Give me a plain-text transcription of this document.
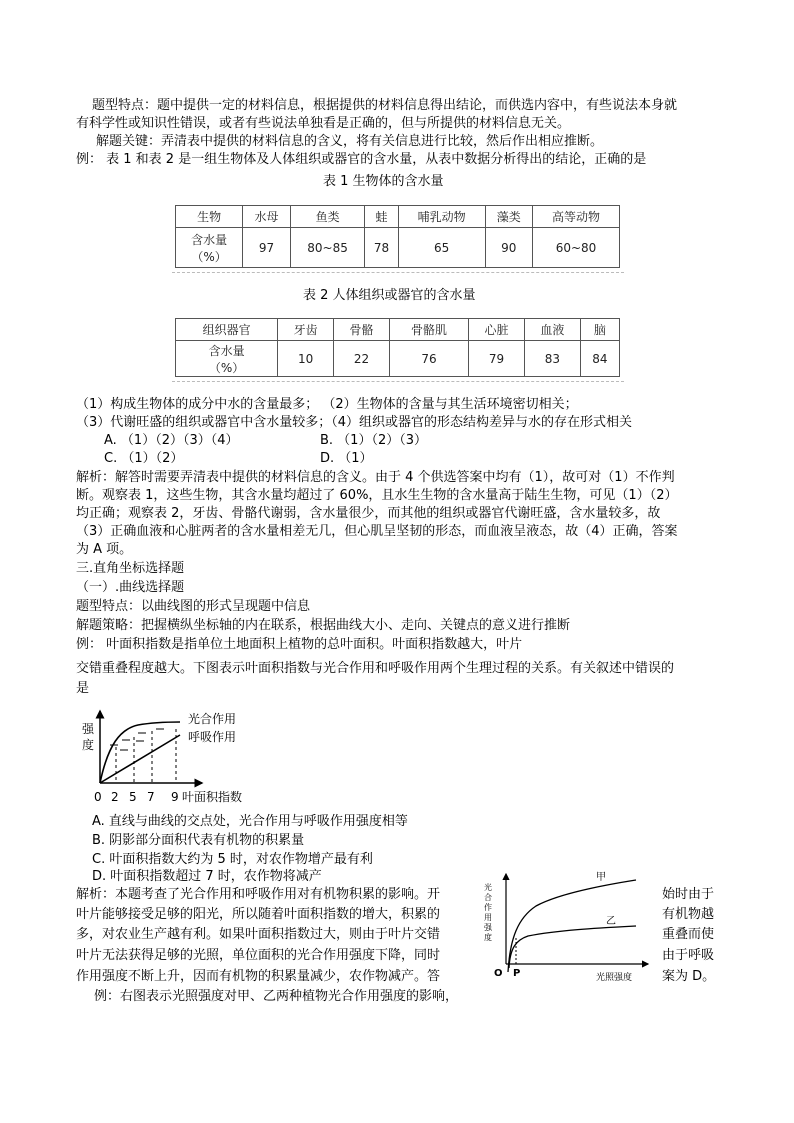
题型特点：题中提供一定的材料信息，根据提供的材料信息得出结论，而供选内容中，有些说法本身就
有科学性或知识性错误，或者有些说法单独看是正确的，但与所提供的材料信息无关。
解题关键：弄清表中提供的材料信息的含义，将有关信息进行比较，然后作出相应推断。
例： 表 1 和表 2 是一组生物体及人体组织或器官的含水量，从表中数据分析得出的结论，正确的是
表 1 生物体的含水量
生物	水母	鱼类	蛙	哺乳动物	藻类	高等动物
含水量
（%）	97	80~85	78	65	90	60~80
表 2 人体组织或器官的含水量
组织器官	牙齿	骨骼	骨骼肌	心脏	血液	脑
含水量
（%）	10	22	76	79	83	84
（1）构成生物体的成分中水的含量最多； （2）生物体的含量与其生活环境密切相关；
（3）代谢旺盛的组织或器官中含水量较多；（4）组织或器官的形态结构差异与水的存在形式相关
A. （1）（2）（3）（4）	B. （1）（2）（3）
C. （1）（2）	D. （1）
解析：解答时需要弄清表中提供的材料信息的含义。由于 4 个供选答案中均有（1），故可对（1）不作判
断。观察表 1，这些生物，其含水量均超过了 60%，且水生生物的含水量高于陆生生物，可见（1）（2）
均正确；观察表 2，牙齿、骨骼代谢弱，含水量很少，而其他的组织或器官代谢旺盛，含水量较多，故
（3）正确血液和心脏两者的含水量相差无几，但心肌呈坚韧的形态，而血液呈液态，故（4）正确，答案
为 A 项。
三.直角坐标选择题
（一）.曲线选择题
题型特点：以曲线图的形式呈现题中信息
解题策略：把握横纵坐标轴的内在联系，根据曲线大小、走向、关键点的意义进行推断
例： 叶面积指数是指单位土地面积上植物的总叶面积。叶面积指数越大，叶片
交错重叠程度越大。下图表示叶面积指数与光合作用和呼吸作用两个生理过程的关系。有关叙述中错误的
是
强
度
光合作用
呼吸作用
0 2 5 7 9 叶面积指数
A. 直线与曲线的交点处，光合作用与呼吸作用强度相等
B. 阴影部分面积代表有机物的积累量
C. 叶面积指数大约为 5 时，对农作物增产最有利
D. 叶面积指数超过 7 时，农作物将减产
解析：本题考查了光合作用和呼吸作用对有机物积累的影响。开	始时由于
叶片能够接受足够的阳光，所以随着叶面积指数的增大，积累的	有机物越
多，对农业生产越有利。如果叶面积指数过大，则由于叶片交错	重叠而使
叶片无法获得足够的光照，单位面积的光合作用强度下降，同时	由于呼吸
作用强度不断上升，因而有机物的积累量减少，农作物减产。答	案为 D。
甲
乙
光
合
作
用
强
度
O P	光照强度
例：右图表示光照强度对甲、乙两种植物光合作用强度的影响，
